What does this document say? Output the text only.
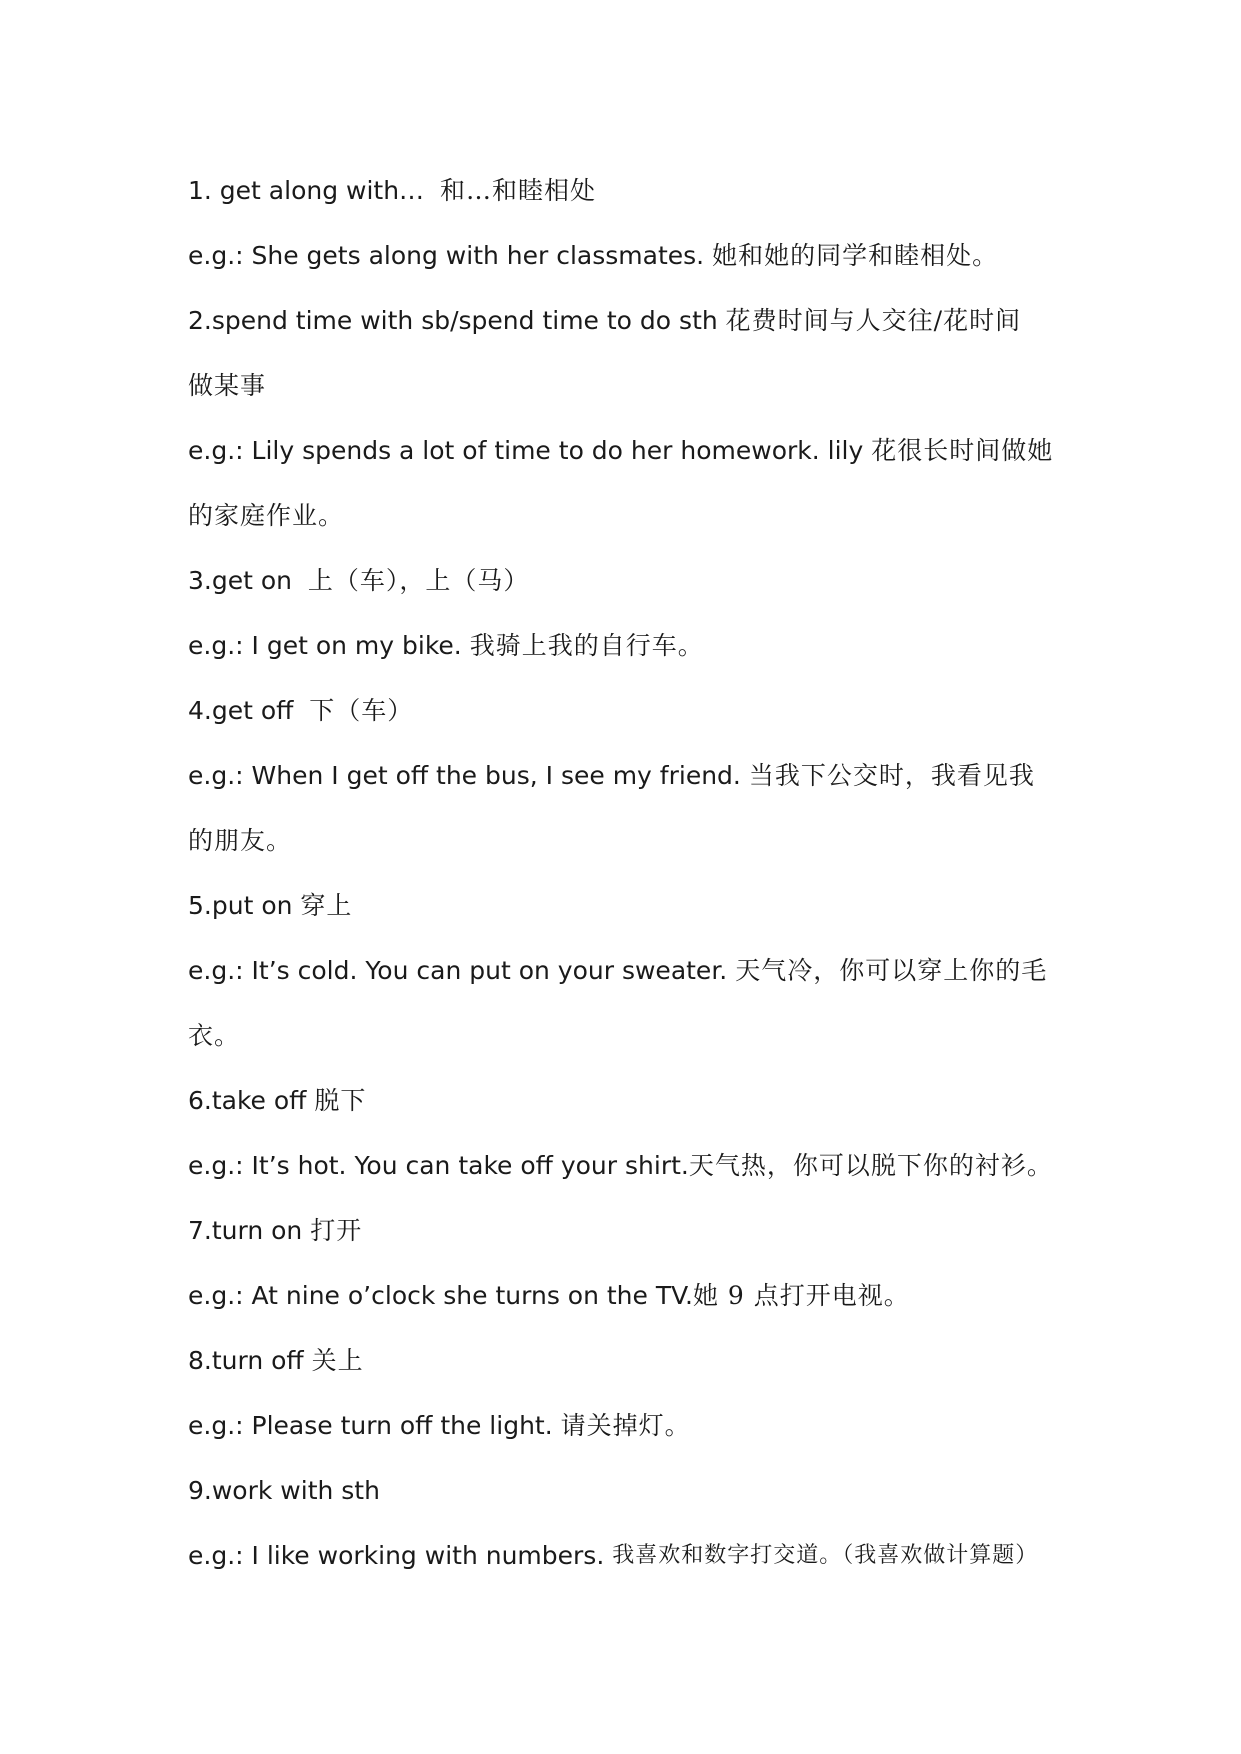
1. get along with…
和…和睦相处
e.g.: She gets along with her classmates.
她和她的同学和睦相处。
2.spend time with sb/spend time to do sth
花费时间与人交往/花时间
做某事
e.g.: Lily spends a lot of time to do her homework. lily
花很长时间做她
的家庭作业。
3.get on
上（车），上（马）
e.g.: I get on my bike.
我骑上我的自行车。
4.get off
下（车）
e.g.: When I get off the bus, I see my friend.
当我下公交时，我看见我
的朋友。
5.put on
穿上
e.g.: It’s cold. You can put on your sweater.
天气冷，你可以穿上你的毛
衣。
6.take off
脱下
e.g.: It’s hot. You can take off your shirt. 天气热，你可以脱下你的衬衫。
7.turn on
打开
e.g.: At nine o’clock she turns on the TV. 她 9 点打开电视。
8.turn off
关上
e.g.: Please turn off the light.
请关掉灯。
9.work with sth
e.g.: I like working with numbers.
我喜欢和数字打交道。（我喜欢做计算题）
